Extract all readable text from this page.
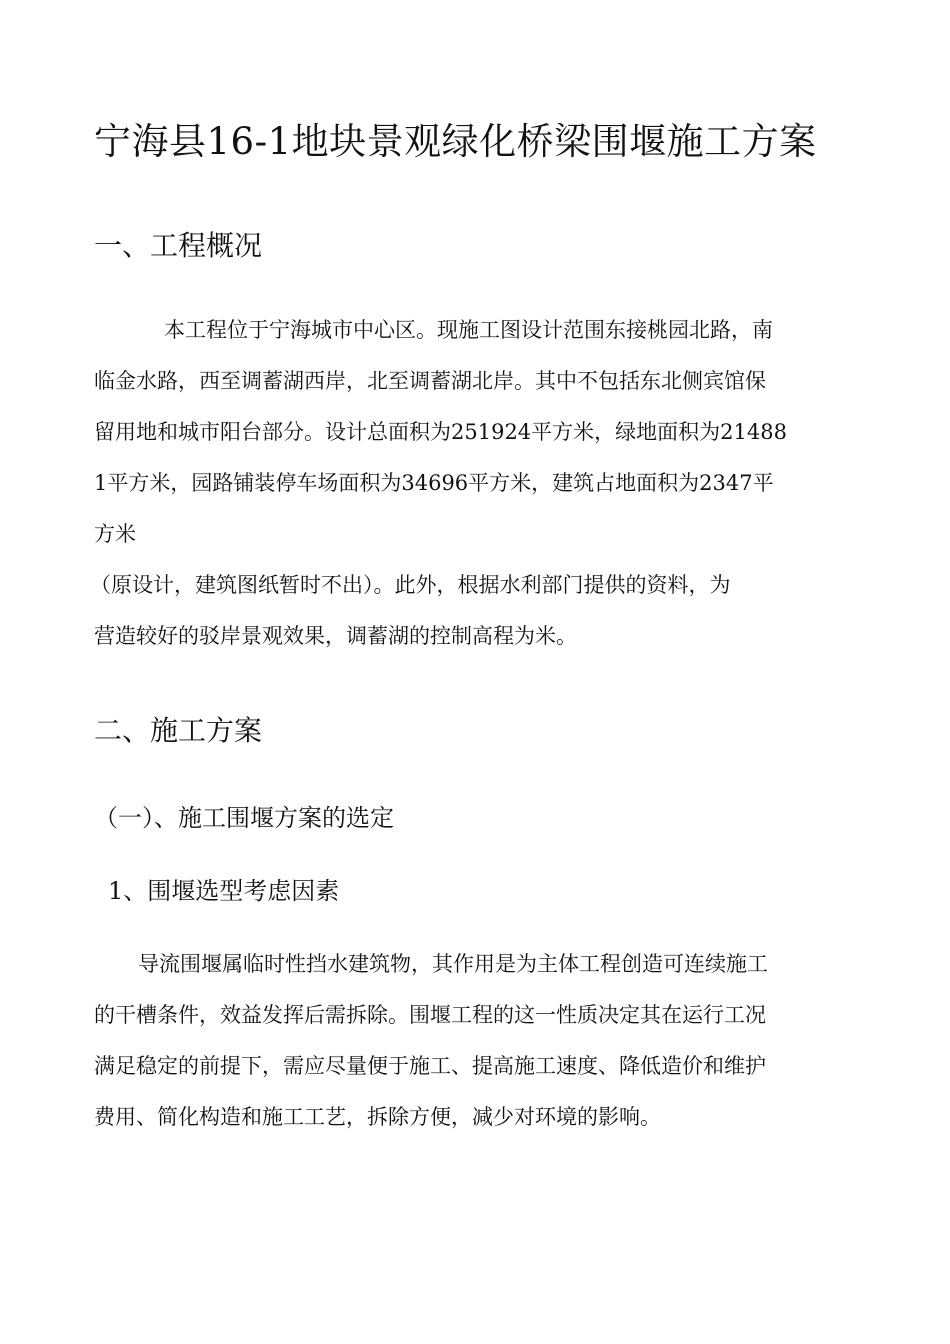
宁海县16-1地块景观绿化桥梁围堰施工方案
一、工程概况
本工程位于宁海城市中心区。现施工图设计范围东接桃园北路，南
临金水路，西至调蓄湖西岸，北至调蓄湖北岸。其中不包括东北侧宾馆保
留用地和城市阳台部分。设计总面积为251924平方米，绿地面积为21488
1平方米，园路铺装停车场面积为34696平方米，建筑占地面积为2347平
方米
（原设计，建筑图纸暂时不出）。此外，根据水利部门提供的资料，为
营造较好的驳岸景观效果，调蓄湖的控制高程为米。
二、施工方案
（一）、施工围堰方案的选定
1、围堰选型考虑因素
导流围堰属临时性挡水建筑物，其作用是为主体工程创造可连续施工
的干槽条件，效益发挥后需拆除。围堰工程的这一性质决定其在运行工况
满足稳定的前提下，需应尽量便于施工、提高施工速度、降低造价和维护
费用、简化构造和施工工艺，拆除方便，减少对环境的影响。
